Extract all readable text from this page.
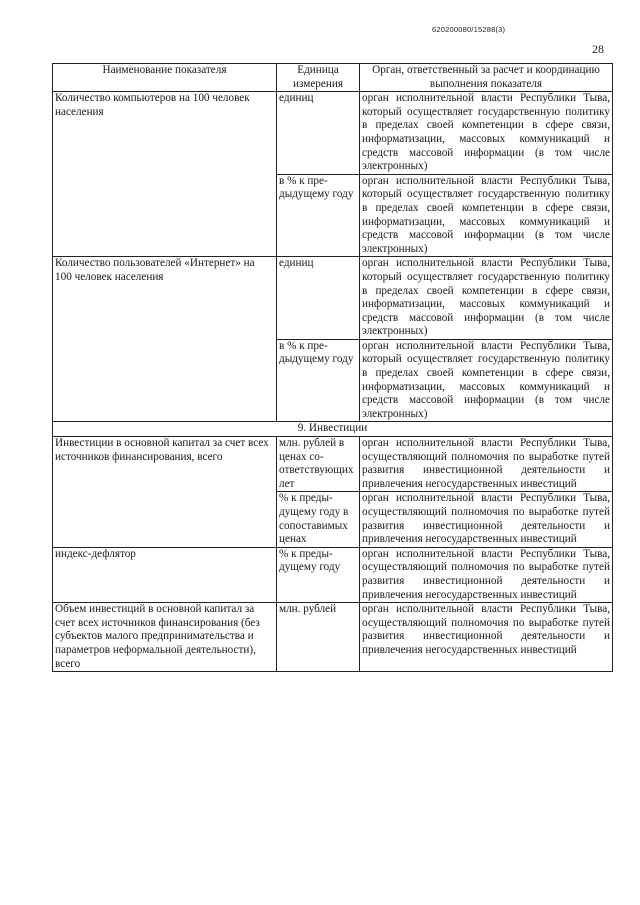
620200080/15288(3)
28
Наименование показателя	Единица измерения	Орган, ответственный за расчет и координацию выполнения показателя
Количество компьютеров на 100 человек населения	единиц	орган исполнительной власти Республики Тыва, который осуществляет государственную политику в пределах своей компетенции в сфере связи, информатизации, массовых коммуникаций и средств массовой информации (в том числе электронных)
	в % к предыдущему году	орган исполнительной власти Республики Тыва, который осуществляет государственную политику в пределах своей компетенции в сфере связи, информатизации, массовых коммуникаций и средств массовой информации (в том числе электронных)
Количество пользователей «Интернет» на 100 человек населения	единиц	орган исполнительной власти Республики Тыва, который осуществляет государственную политику в пределах своей компетенции в сфере связи, информатизации, массовых коммуникаций и средств массовой информации (в том числе электронных)
	в % к предыдущему году	орган исполнительной власти Республики Тыва, который осуществляет государственную политику в пределах своей компетенции в сфере связи, информатизации, массовых коммуникаций и средств массовой информации (в том числе электронных)
9. Инвестиции		
Инвестиции в основной капитал за счет всех источников финансирования, всего	млн. рублей в ценах соответствующих лет	орган исполнительной власти Республики Тыва, осуществляющий полномочия по выработке путей развития инвестиционной деятельности и привлечения негосударственных инвестиций
	% к предыдущему году в сопоставимых ценах	орган исполнительной власти Республики Тыва, осуществляющий полномочия по выработке путей развития инвестиционной деятельности и привлечения негосударственных инвестиций
индекс-дефлятор	% к предыдущему году	орган исполнительной власти Республики Тыва, осуществляющий полномочия по выработке путей развития инвестиционной деятельности и привлечения негосударственных инвестиций
Объем инвестиций в основной капитал за счет всех источников финансирования (без субъектов малого предпринимательства и параметров неформальной деятельности), всего	млн. рублей	орган исполнительной власти Республики Тыва, осуществляющий полномочия по выработке путей развития инвестиционной деятельности и привлечения негосударственных инвестиций
